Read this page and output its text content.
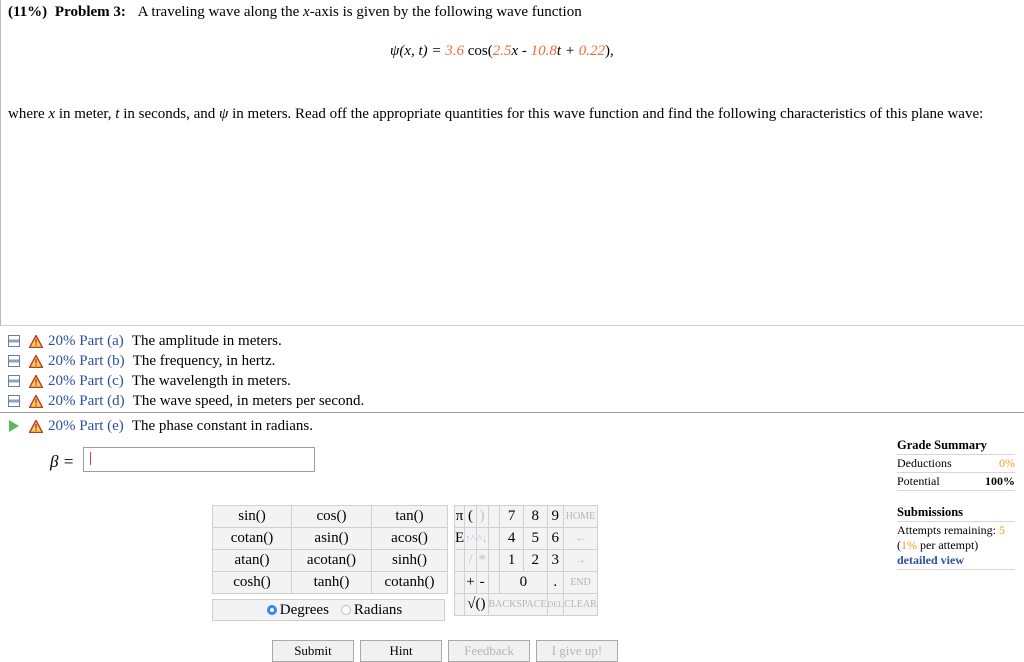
(11%) Problem 3: A traveling wave along the x-axis is given by the following wave function
ψ(x, t) = 3.6 cos(2.5x - 10.8t + 0.22),
where x in meter, t in seconds, and ψ in meters. Read off the appropriate quantities for this wave function and find the following characteristics of this plane wave:
20% Part (a) The amplitude in meters.
20% Part (b) The frequency, in hertz.
20% Part (c) The wavelength in meters.
20% Part (d) The wave speed, in meters per second.
20% Part (e) The phase constant in radians.
β = |
sin()	cos()	tan()
cotan()	asin()	acos()
atan()	acotan()	sinh()
cosh()	tanh()	cotanh()
Degrees Radians
π	(	)		7	8	9	HOME
E	↑^	^↓		4	5	6	←
	/	*		1	2	3	→
	+	-		0		.	END
	√()		BACKSPACE			DEL	CLEAR
Submit	Hint	Feedback	I give up!
Grade Summary
Deductions	0%
Potential	100%
Submissions
Attempts remaining: 5
(1% per attempt)
detailed view
